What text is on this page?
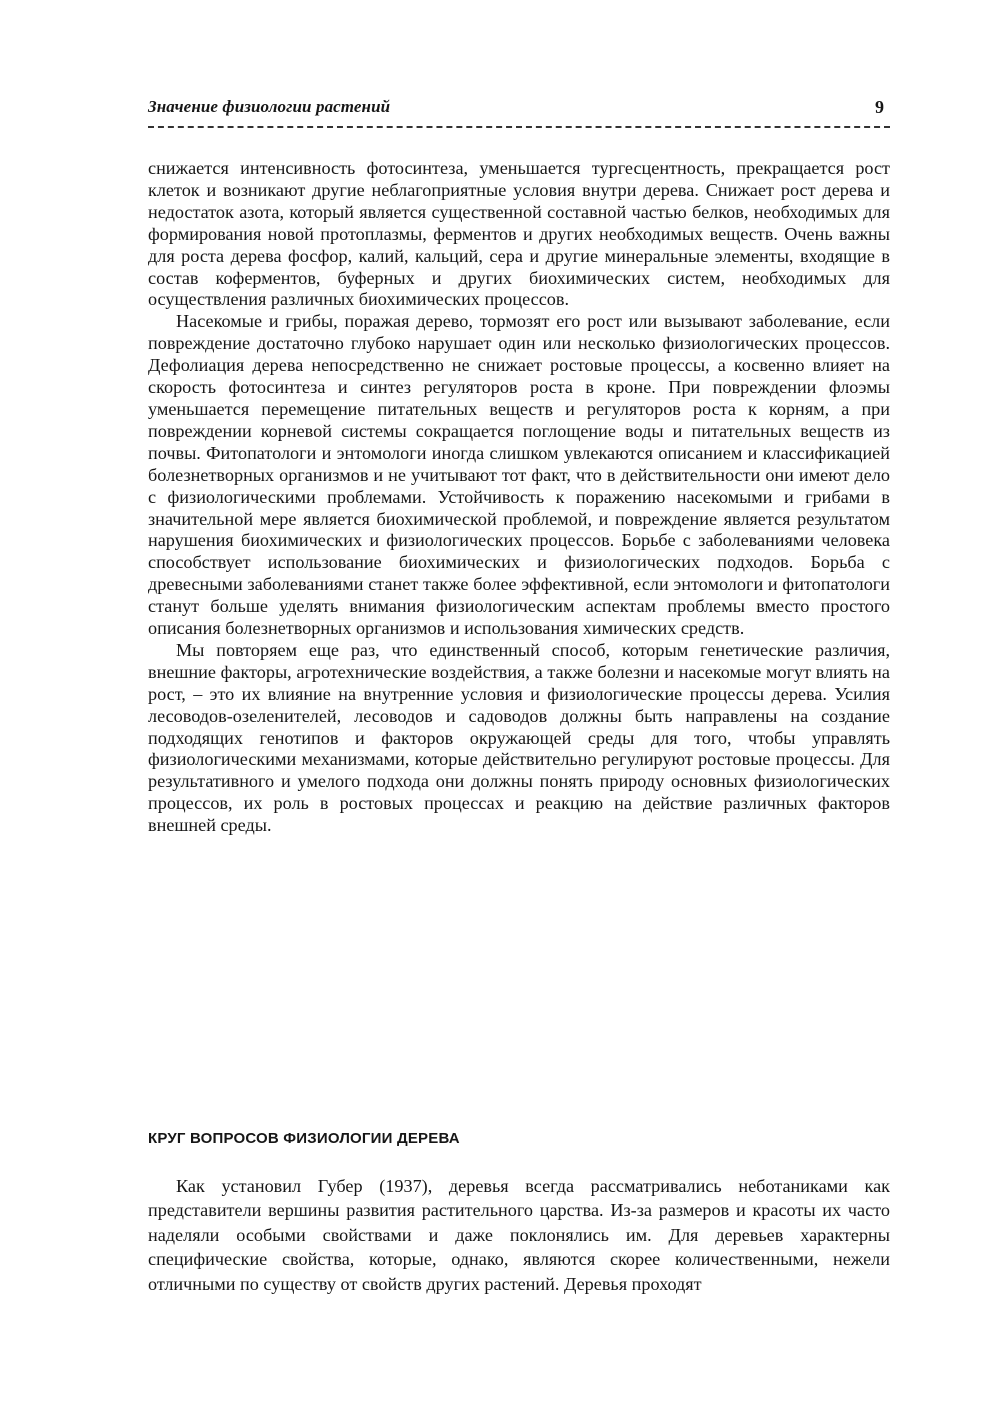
Значение физиологии растений	9

снижается интенсивность фотосинтеза, уменьшается тургесцентность, прекращается рост клеток и возникают другие неблагоприятные условия внутри дерева. Снижает рост дерева и недостаток азота, который является существенной составной частью белков, необходимых для формирования новой протоплазмы, ферментов и других необходимых веществ. Очень важны для роста дерева фосфор, калий, кальций, сера и другие минеральные элементы, входящие в состав коферментов, буферных и других биохимических систем, необходимых для осуществления различных биохимических процессов.

Насекомые и грибы, поражая дерево, тормозят его рост или вызывают заболевание, если повреждение достаточно глубоко нарушает один или несколько физиологических процессов. Дефолиация дерева непосредственно не снижает ростовые процессы, а косвенно влияет на скорость фотосинтеза и синтез регуляторов роста в кроне. При повреждении флоэмы уменьшается перемещение питательных веществ и регуляторов роста к корням, а при повреждении корневой системы сокращается поглощение воды и питательных веществ из почвы. Фитопатологи и энтомологи иногда слишком увлекаются описанием и классификацией болезнетворных организмов и не учитывают тот факт, что в действительности они имеют дело с физиологическими проблемами. Устойчивость к поражению насекомыми и грибами в значительной мере является биохимической проблемой, и повреждение является результатом нарушения биохимических и физиологических процессов. Борьбе с заболеваниями человека способствует использование биохимических и физиологических подходов. Борьба с древесными заболеваниями станет также более эффективной, если энтомологи и фитопатологи станут больше уделять внимания физиологическим аспектам проблемы вместо простого описания болезнетворных организмов и использования химических средств.

Мы повторяем еще раз, что единственный способ, которым генетические различия, внешние факторы, агротехнические воздействия, а также болезни и насекомые могут влиять на рост, – это их влияние на внутренние условия и физиологические процессы дерева. Усилия лесоводов-озеленителей, лесоводов и садоводов должны быть направлены на создание подходящих генотипов и факторов окружающей среды для того, чтобы управлять физиологическими механизмами, которые действительно регулируют ростовые процессы. Для результативного и умелого подхода они должны понять природу основных физиологических процессов, их роль в ростовых процессах и реакцию на действие различных факторов внешней среды.

КРУГ ВОПРОСОВ ФИЗИОЛОГИИ ДЕРЕВА

Как установил Губер (1937), деревья всегда рассматривались неботаниками как представители вершины развития растительного царства. Из-за размеров и красоты их часто наделяли особыми свойствами и даже поклонялись им. Для деревьев характерны специфические свойства, которые, однако, являются скорее количественными, нежели отличными по существу от свойств других растений. Деревья проходят
